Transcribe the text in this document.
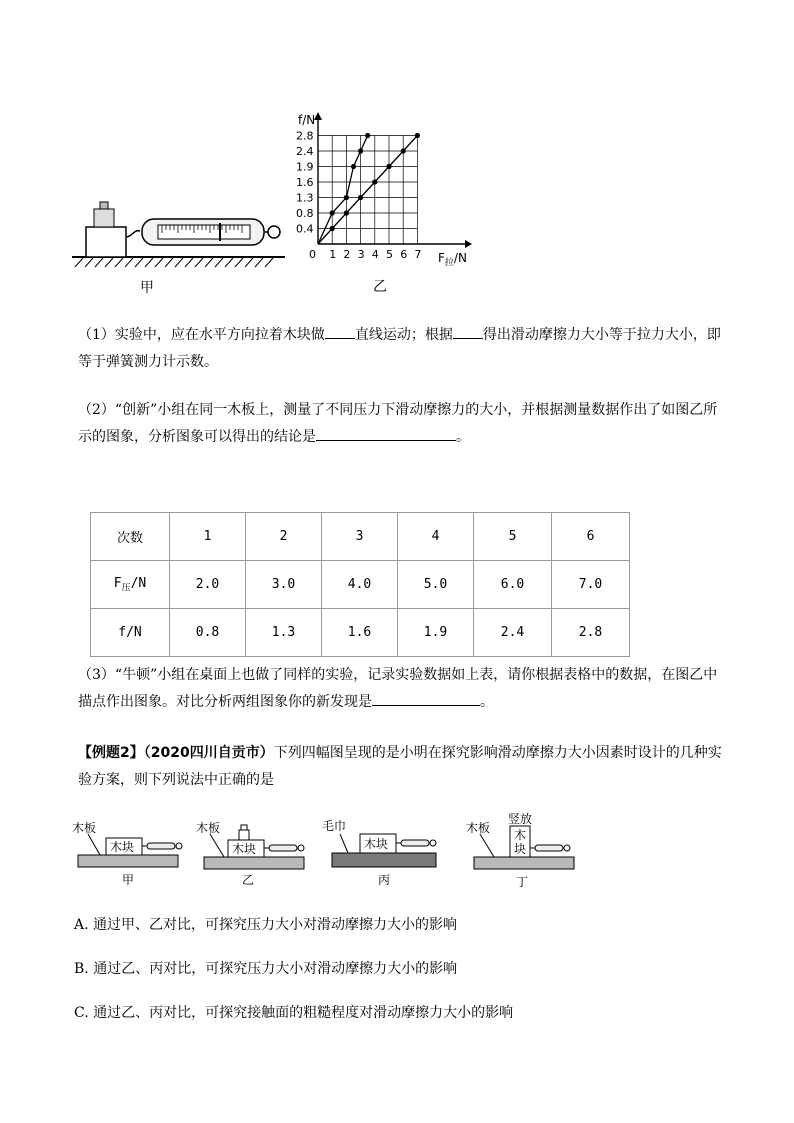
甲
0 1 2 3 4 5 6 7
0.4
0.8
1.3
1.6
1.9
2.4
2.8
f/N
$F_拉/N$
乙
（1）实验中，应在水平方向拉着木块做 直线运动；根据 得出滑动摩擦力大小等于拉力大小，即等于弹簧测力计示数。
（2）“创新”小组在同一木板上，测量了不同压力下滑动摩擦力的大小，并根据测量数据作出了如图乙所示的图象，分析图象可以得出的结论是	。
次数	1	2	3	4	5	6
$F_压/N$	2.0	3.0	4.0	5.0	6.0	7.0
f/N	0.8	1.3	1.6	1.9	2.4	2.8
（3）“牛顿”小组在桌面上也做了同样的实验，记录实验数据如上表，请你根据表格中的数据，在图乙中描点作出图象。对比分析两组图象你的新发现是	。
【例题2】（2020四川自贡市）下列四幅图呈现的是小明在探究影响滑动摩擦力大小因素时设计的几种实验方案，则下列说法中正确的是
木板
木块
甲
木板
木块
乙
毛巾
木块
丙
木板
竖放
木
块
丁
A. 通过甲、乙对比，可探究压力大小对滑动摩擦力大小的影响
B. 通过乙、丙对比，可探究压力大小对滑动摩擦力大小的影响
C. 通过乙、丙对比，可探究接触面的粗糙程度对滑动摩擦力大小的影响
